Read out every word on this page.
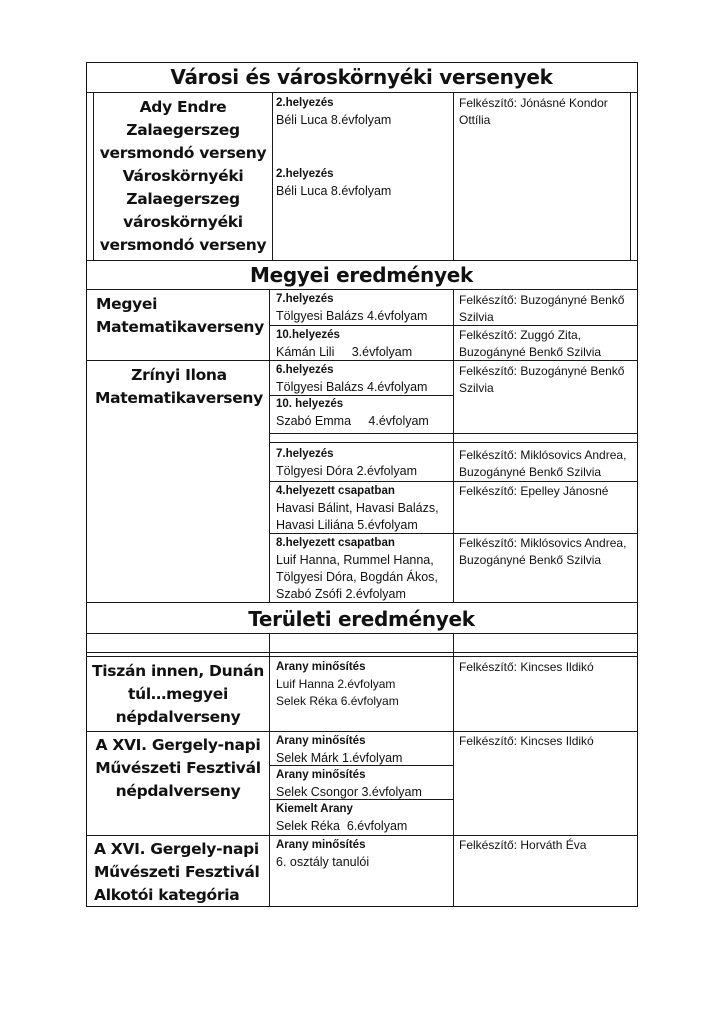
Városi és városkörnyéki versenyek
Ady Endre
Zalaegerszeg
versmondó verseny
Városkörnyéki
Zalaegerszeg
városkörnyéki
versmondó verseny
2.helyezés
Béli Luca 8.évfolyam
2.helyezés
Béli Luca 8.évfolyam
Felkészítő: Jónásné Kondor
Ottília
Megyei eredmények
Megyei
Matematikaverseny
7.helyezés
Tölgyesi Balázs 4.évfolyam
Felkészítő: Buzogányné Benkő
Szilvia
10.helyezés
Kámán Lili     3.évfolyam
Felkészítő: Zuggó Zita,
Buzogányné Benkő Szilvia
Zrínyi Ilona
Matematikaverseny
6.helyezés
Tölgyesi Balázs 4.évfolyam
10. helyezés
Szabó Emma     4.évfolyam
Felkészítő: Buzogányné Benkő
Szilvia
7.helyezés
Tölgyesi Dóra 2.évfolyam
Felkészítő: Miklósovics Andrea,
Buzogányné Benkő Szilvia
4.helyezett csapatban
Havasi Bálint, Havasi Balázs,
Havasi Liliána 5.évfolyam
Felkészítő: Epelley Jánosné
8.helyezett csapatban
Luif Hanna, Rummel Hanna,
Tölgyesi Dóra, Bogdán Ákos,
Szabó Zsófi 2.évfolyam
Felkészítő: Miklósovics Andrea,
Buzogányné Benkő Szilvia
Területi eredmények
Tiszán innen, Dunán
túl…megyei
népdalverseny
Arany minősítés
Luif Hanna 2.évfolyam
Selek Réka 6.évfolyam
Felkészítő: Kincses Ildikó
A XVI. Gergely-napi
Művészeti Fesztivál
népdalverseny
Arany minősítés
Selek Márk 1.évfolyam
Arany minősítés
Selek Csongor 3.évfolyam
Kiemelt Arany
Selek Réka  6.évfolyam
Felkészítő: Kincses Ildikó
A XVI. Gergely-napi
Művészeti Fesztivál
Alkotói kategória
Arany minősítés
6. osztály tanulói
Felkészítő: Horváth Éva
